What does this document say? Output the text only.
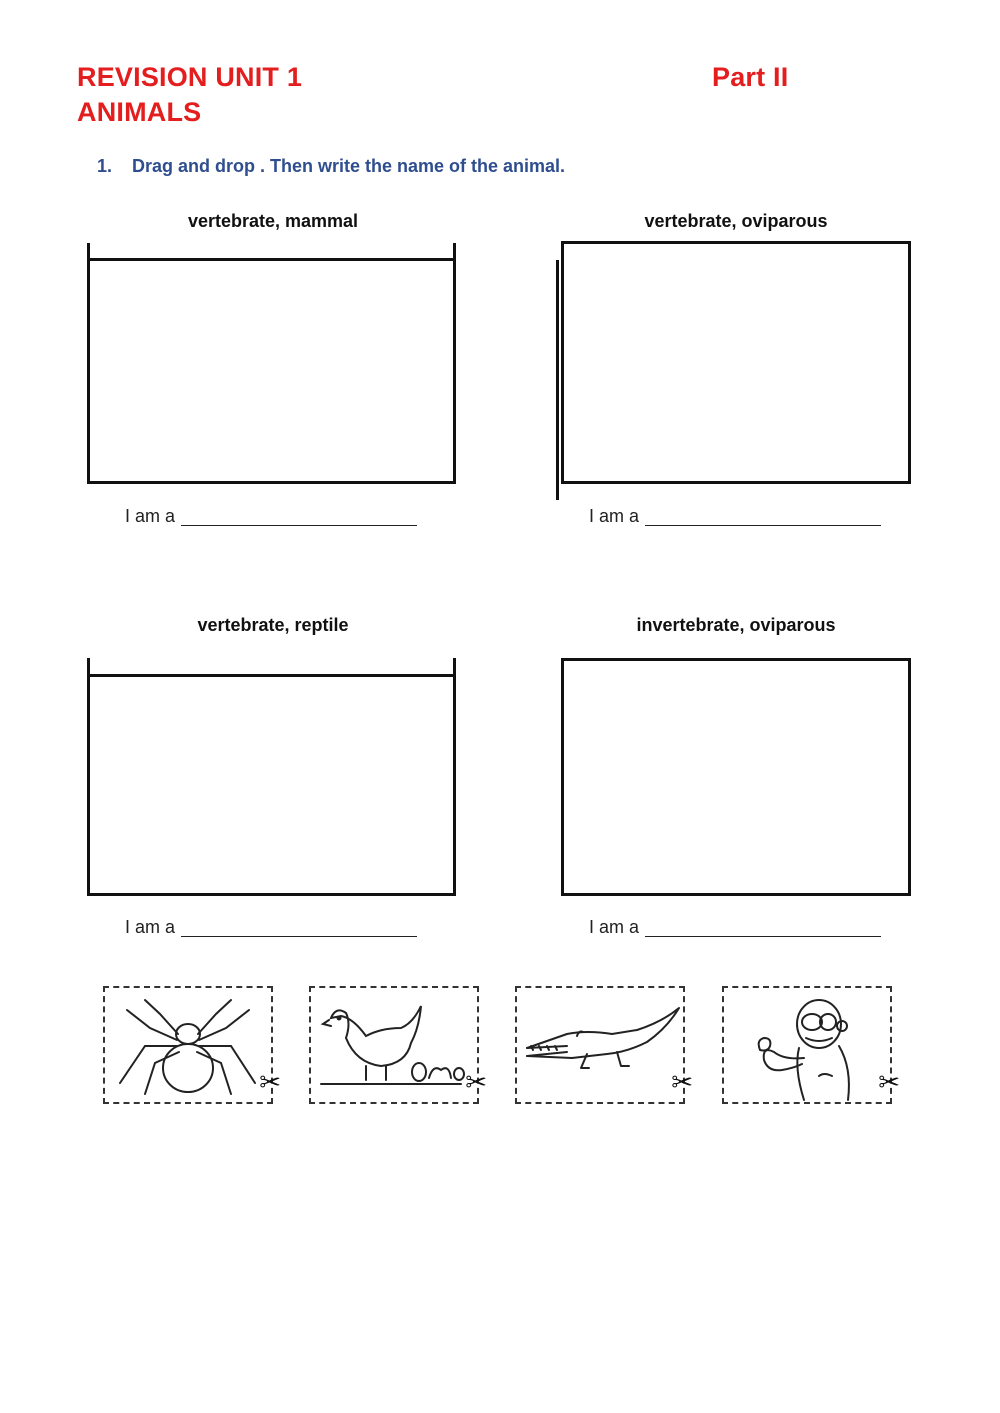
REVISION UNIT 1
ANIMALS
Part II
1. Drag and drop . Then write the name of the animal.
vertebrate, mammal
I am a
vertebrate, oviparous
I am a
vertebrate, reptile
I am a
invertebrate, oviparous
I am a
✂	✂	✂	✂
